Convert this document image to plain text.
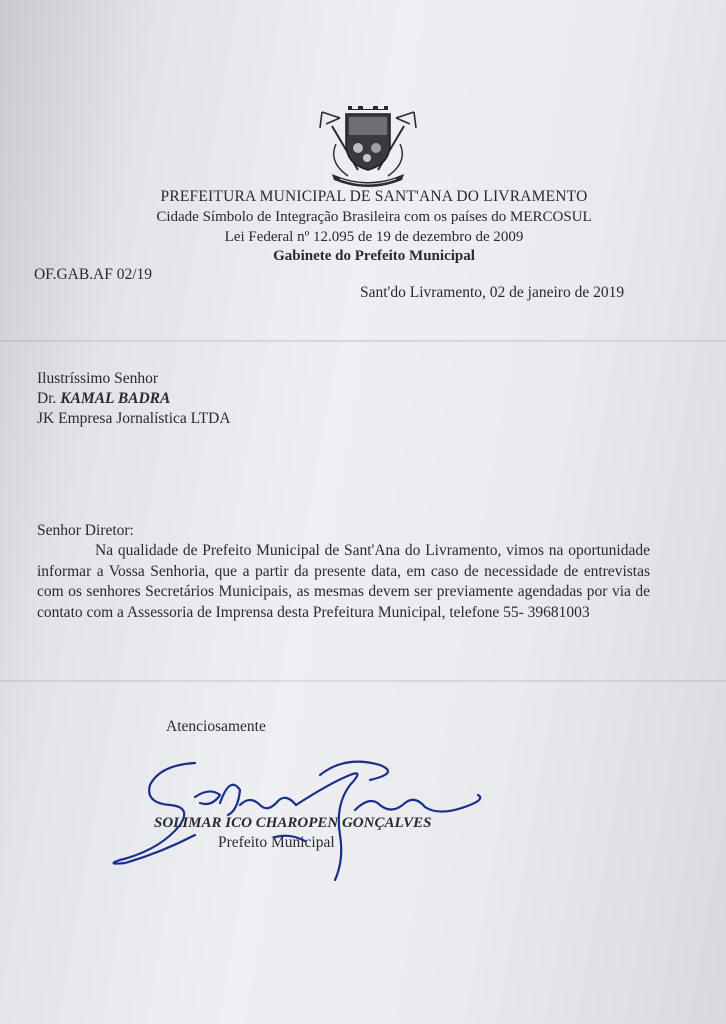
PREFEITURA MUNICIPAL DE SANT'ANA DO LIVRAMENTO
Cidade Símbolo de Integração Brasileira com os países do MERCOSUL
Lei Federal nº 12.095 de 19 de dezembro de 2009
Gabinete do Prefeito Municipal
OF.GAB.AF 02/19
Sant'do Livramento, 02 de janeiro de 2019
Ilustríssimo Senhor
Dr. KAMAL BADRA
JK Empresa Jornalística LTDA
Senhor Diretor:
Na qualidade de Prefeito Municipal de Sant'Ana do Livramento, vimos na oportunidade informar a Vossa Senhoria, que a partir da presente data, em caso de necessidade de entrevistas com os senhores Secretários Municipais, as mesmas devem ser previamente agendadas por via de contato com a Assessoria de Imprensa desta Prefeitura Municipal, telefone 55- 39681003
Atenciosamente
SOLIMAR ICO CHAROPEN GONÇALVES
Prefeito Municipal
